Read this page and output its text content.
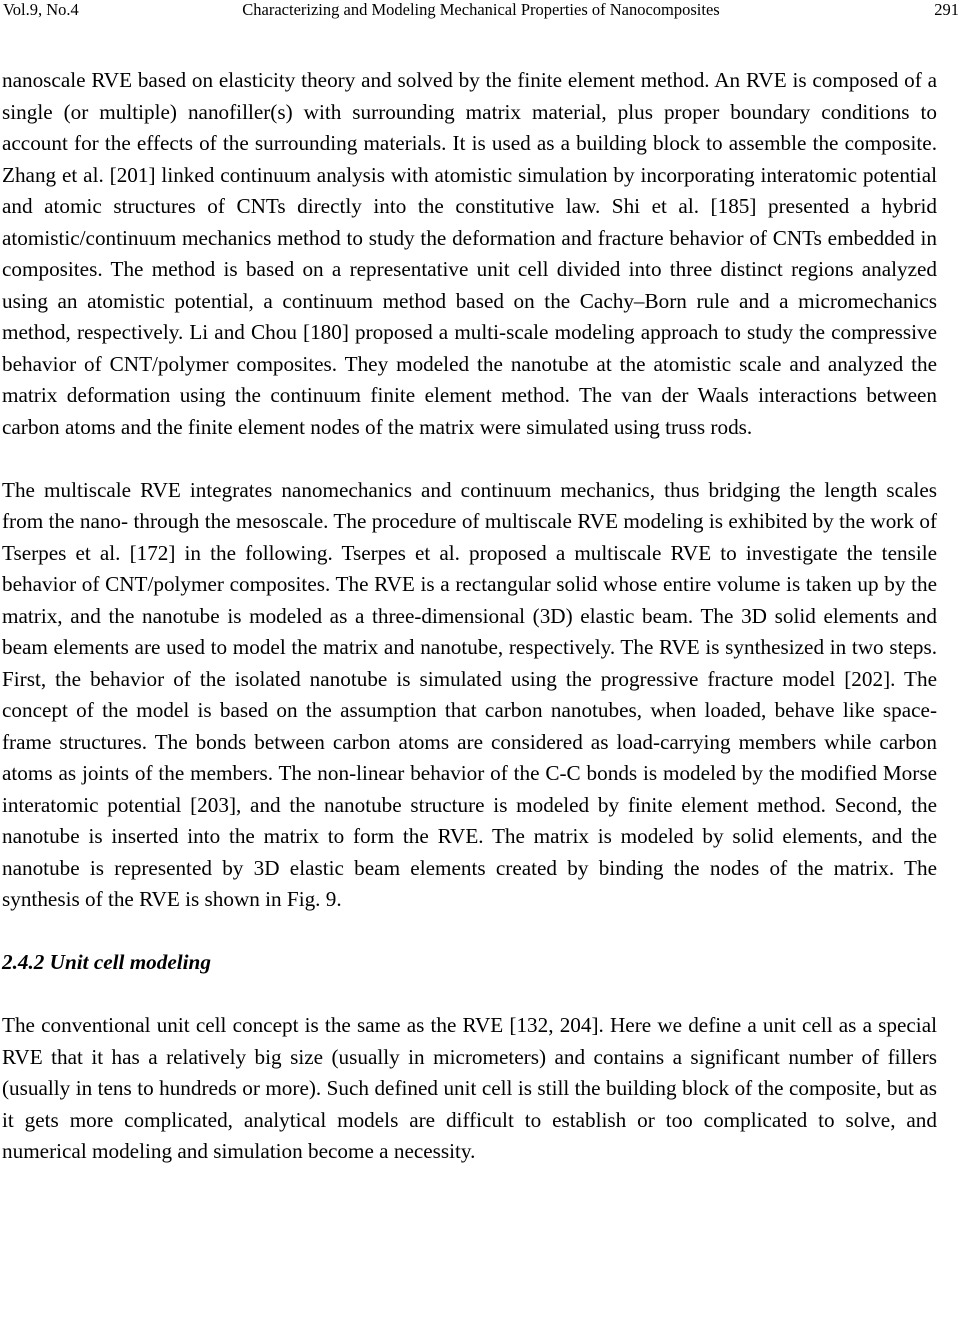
Vol.9, No.4	Characterizing and Modeling Mechanical Properties of Nanocomposites	291

nanoscale RVE based on elasticity theory and solved by the finite element method. An RVE is composed of a single (or multiple) nanofiller(s) with surrounding matrix material, plus proper boundary conditions to account for the effects of the surrounding materials. It is used as a building block to assemble the composite. Zhang et al. [201] linked continuum analysis with atomistic simulation by incorporating interatomic potential and atomic structures of CNTs directly into the constitutive law. Shi et al. [185] presented a hybrid atomistic/continuum mechanics method to study the deformation and fracture behavior of CNTs embedded in composites. The method is based on a representative unit cell divided into three distinct regions analyzed using an atomistic potential, a continuum method based on the Cachy–Born rule and a micromechanics method, respectively. Li and Chou [180] proposed a multi-scale modeling approach to study the compressive behavior of CNT/polymer composites. They modeled the nanotube at the atomistic scale and analyzed the matrix deformation using the continuum finite element method. The van der Waals interactions between carbon atoms and the finite element nodes of the matrix were simulated using truss rods.

The multiscale RVE integrates nanomechanics and continuum mechanics, thus bridging the length scales from the nano- through the mesoscale. The procedure of multiscale RVE modeling is exhibited by the work of Tserpes et al. [172] in the following. Tserpes et al. proposed a multiscale RVE to investigate the tensile behavior of CNT/polymer composites. The RVE is a rectangular solid whose entire volume is taken up by the matrix, and the nanotube is modeled as a three-dimensional (3D) elastic beam. The 3D solid elements and beam elements are used to model the matrix and nanotube, respectively. The RVE is synthesized in two steps. First, the behavior of the isolated nanotube is simulated using the progressive fracture model [202]. The concept of the model is based on the assumption that carbon nanotubes, when loaded, behave like space-frame structures. The bonds between carbon atoms are considered as load-carrying members while carbon atoms as joints of the members. The non-linear behavior of the C-C bonds is modeled by the modified Morse interatomic potential [203], and the nanotube structure is modeled by finite element method. Second, the nanotube is inserted into the matrix to form the RVE. The matrix is modeled by solid elements, and the nanotube is represented by 3D elastic beam elements created by binding the nodes of the matrix. The synthesis of the RVE is shown in Fig. 9.

2.4.2 Unit cell modeling

The conventional unit cell concept is the same as the RVE [132, 204]. Here we define a unit cell as a special RVE that it has a relatively big size (usually in micrometers) and contains a significant number of fillers (usually in tens to hundreds or more). Such defined unit cell is still the building block of the composite, but as it gets more complicated, analytical models are difficult to establish or too complicated to solve, and numerical modeling and simulation become a necessity.
